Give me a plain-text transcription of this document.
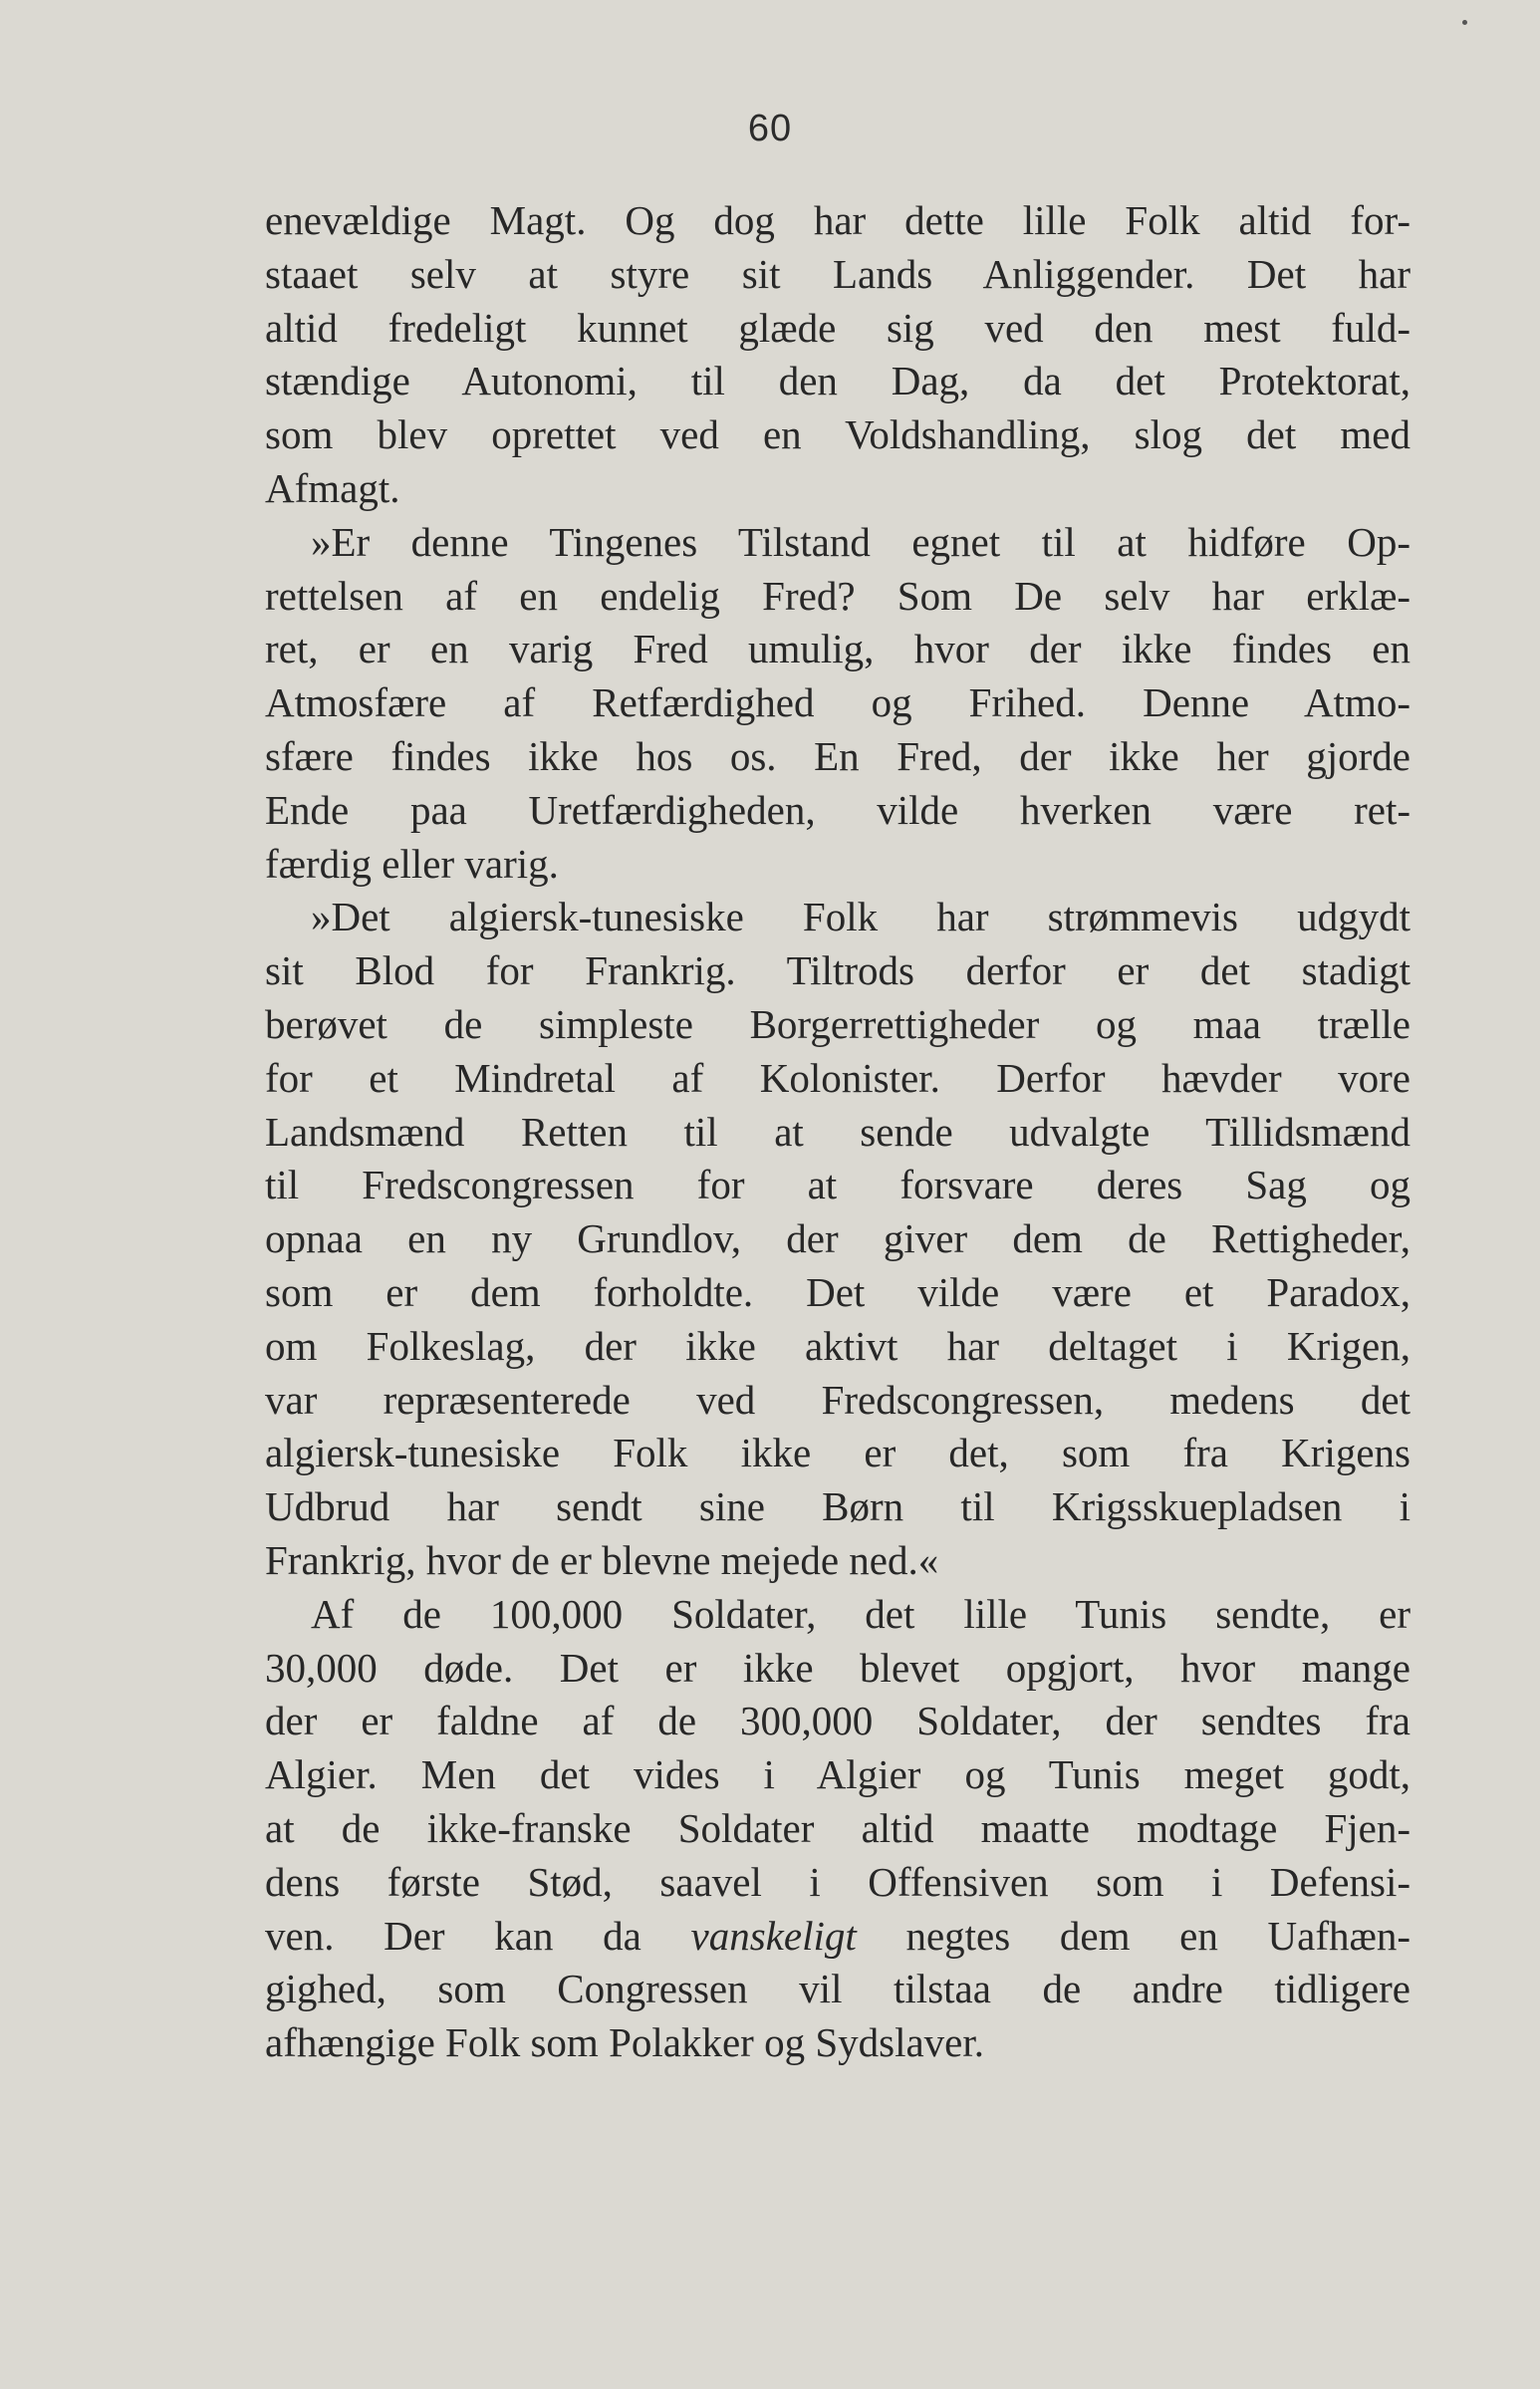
60
enevældige Magt. Og dog har dette lille Folk altid for-
staaet selv at styre sit Lands Anliggender. Det har
altid fredeligt kunnet glæde sig ved den mest fuld-
stændige Autonomi, til den Dag, da det Protektorat,
som blev oprettet ved en Voldshandling, slog det med
Afmagt.
»Er denne Tingenes Tilstand egnet til at hidføre Op-
rettelsen af en endelig Fred? Som De selv har erklæ-
ret, er en varig Fred umulig, hvor der ikke findes en
Atmosfære af Retfærdighed og Frihed. Denne Atmo-
sfære findes ikke hos os. En Fred, der ikke her gjorde
Ende paa Uretfærdigheden, vilde hverken være ret-
færdig eller varig.
»Det algiersk-tunesiske Folk har strømmevis udgydt
sit Blod for Frankrig. Tiltrods derfor er det stadigt
berøvet de simpleste Borgerrettigheder og maa trælle
for et Mindretal af Kolonister. Derfor hævder vore
Landsmænd Retten til at sende udvalgte Tillidsmænd
til Fredscongressen for at forsvare deres Sag og
opnaa en ny Grundlov, der giver dem de Rettigheder,
som er dem forholdte. Det vilde være et Paradox,
om Folkeslag, der ikke aktivt har deltaget i Krigen,
var repræsenterede ved Fredscongressen, medens det
algiersk-tunesiske Folk ikke er det, som fra Krigens
Udbrud har sendt sine Børn til Krigsskuepladsen i
Frankrig, hvor de er blevne mejede ned.«
Af de 100,000 Soldater, det lille Tunis sendte, er
30,000 døde. Det er ikke blevet opgjort, hvor mange
der er faldne af de 300,000 Soldater, der sendtes fra
Algier. Men det vides i Algier og Tunis meget godt,
at de ikke-franske Soldater altid maatte modtage Fjen-
dens første Stød, saavel i Offensiven som i Defensi-
ven. Der kan da vanskeligt negtes dem en Uafhæn-
gighed, som Congressen vil tilstaa de andre tidligere
afhængige Folk som Polakker og Sydslaver.
